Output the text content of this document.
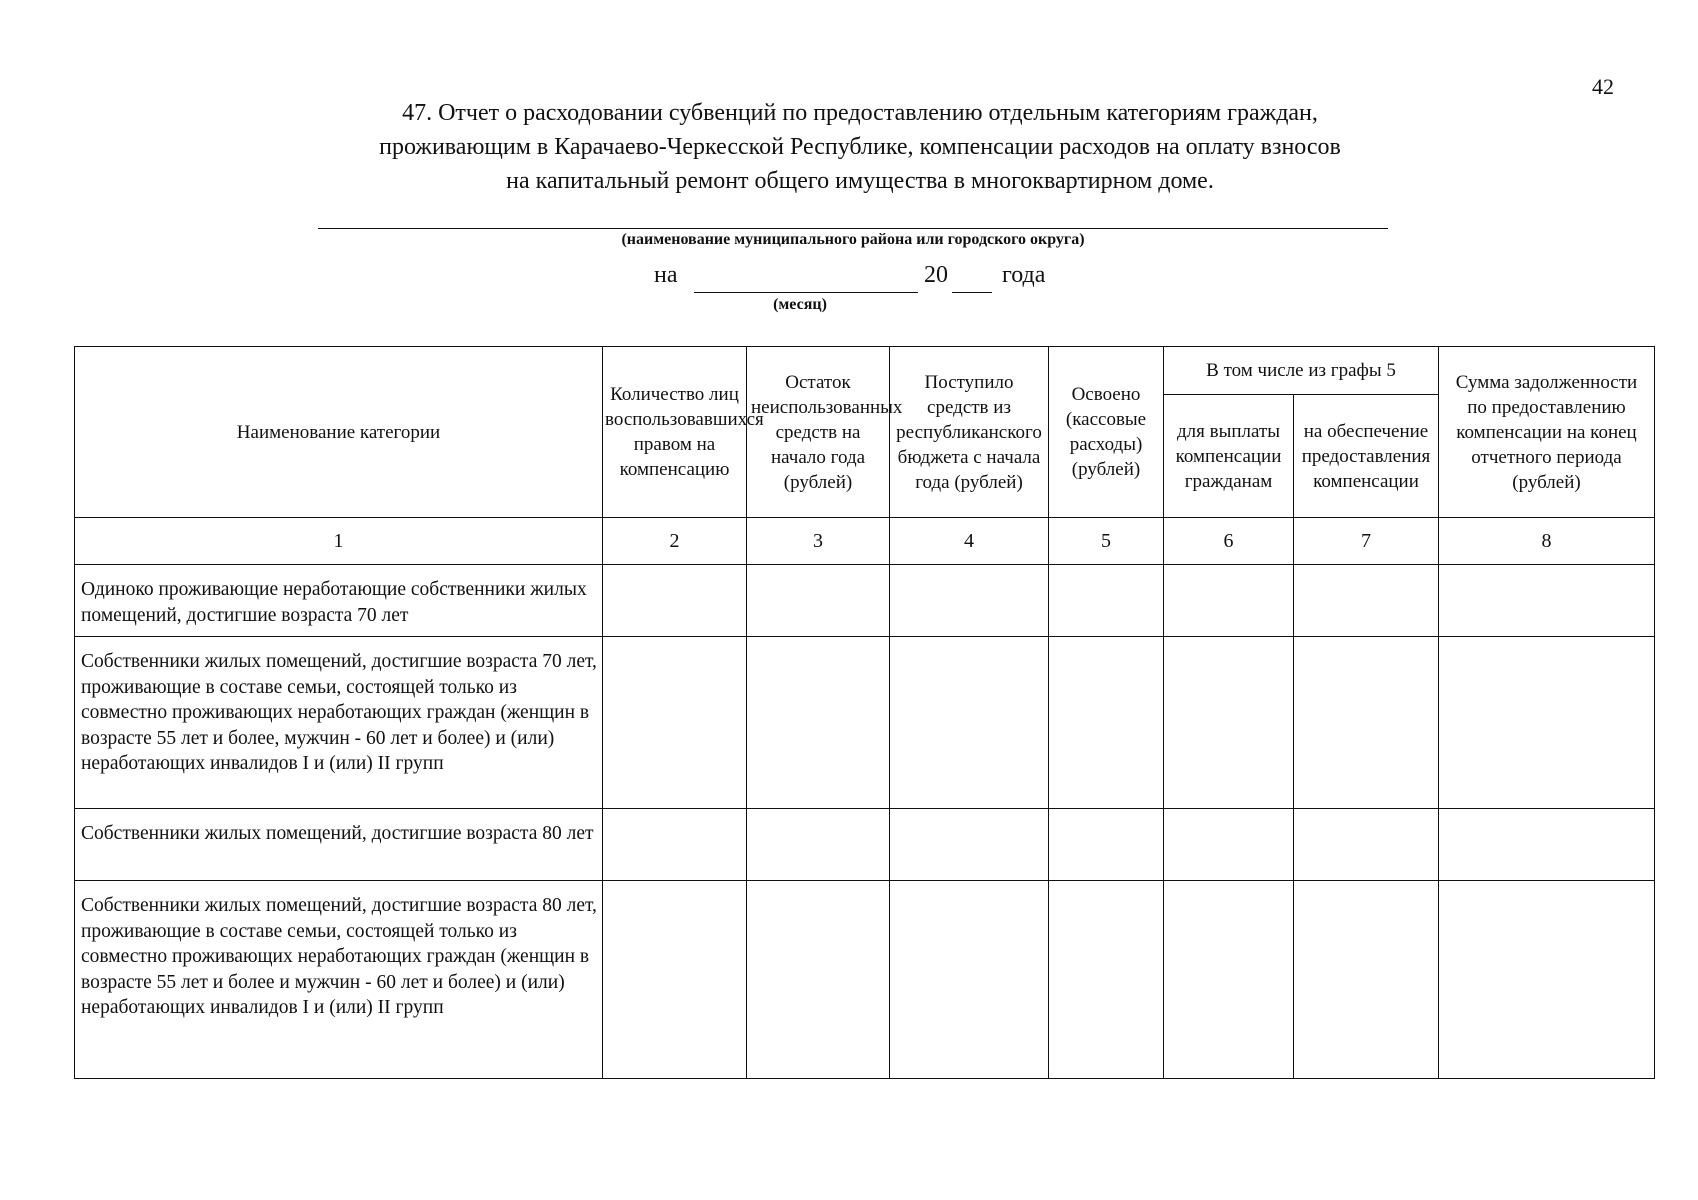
42
47. Отчет о расходовании субвенций по предоставлению отдельным категориям граждан,
проживающим в Карачаево-Черкесской Республике, компенсации расходов на оплату взносов
на капитальный ремонт общего имущества в многоквартирном доме.
(наименование муниципального района или городского округа)
на	20 года
(месяц)
Наименование категории	Количество лиц воспользовавшихся правом на компенсацию	Остаток неиспользованных средств на начало года (рублей)	Поступило средств из республиканского бюджета с начала года (рублей)	Освоено (кассовые расходы) (рублей)	В том числе из графы 5		Сумма задолженности по предоставлению компенсации на конец отчетного периода (рублей)
					для выплаты компенсации гражданам	на обеспечение предоставления компенсации	
1	2	3	4	5	6	7	8
Одиноко проживающие неработающие собственники жилых помещений, достигшие возраста 70 лет							
Собственники жилых помещений, достигшие возраста 70 лет, проживающие в составе семьи, состоящей только из совместно проживающих неработающих граждан (женщин в возрасте 55 лет и более, мужчин - 60 лет и более) и (или) неработающих инвалидов I и (или) II групп							
Собственники жилых помещений, достигшие возраста 80 лет							
Собственники жилых помещений, достигшие возраста 80 лет, проживающие в составе семьи, состоящей только из совместно проживающих неработающих граждан (женщин в возрасте 55 лет и более и мужчин - 60 лет и более) и (или) неработающих инвалидов I и (или) II групп							
